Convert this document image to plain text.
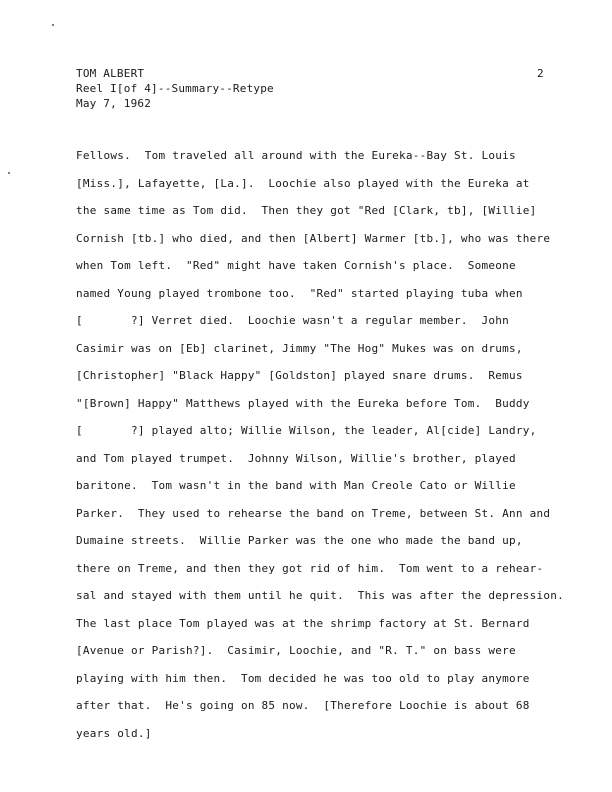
TOM ALBERT
Reel I[of 4]--Summary--Retype
May 7, 1962
2
Fellows.  Tom traveled all around with the Eureka--Bay St. Louis
[Miss.], Lafayette, [La.].  Loochie also played with the Eureka at
the same time as Tom did.  Then they got "Red [Clark, tb], [Willie]
Cornish [tb.] who died, and then [Albert] Warmer [tb.], who was there
when Tom left.  "Red" might have taken Cornish's place.  Someone
named Young played trombone too.  "Red" started playing tuba when
[       ?] Verret died.  Loochie wasn't a regular member.  John
Casimir was on [Eb] clarinet, Jimmy "The Hog" Mukes was on drums,
[Christopher] "Black Happy" [Goldston] played snare drums.  Remus
"[Brown] Happy" Matthews played with the Eureka before Tom.  Buddy
[       ?] played alto; Willie Wilson, the leader, Al[cide] Landry,
and Tom played trumpet.  Johnny Wilson, Willie's brother, played
baritone.  Tom wasn't in the band with Man Creole Cato or Willie
Parker.  They used to rehearse the band on Treme, between St. Ann and
Dumaine streets.  Willie Parker was the one who made the band up,
there on Treme, and then they got rid of him.  Tom went to a rehear-
sal and stayed with them until he quit.  This was after the depression.
The last place Tom played was at the shrimp factory at St. Bernard
[Avenue or Parish?].  Casimir, Loochie, and "R. T." on bass were
playing with him then.  Tom decided he was too old to play anymore
after that.  He's going on 85 now.  [Therefore Loochie is about 68
years old.]
